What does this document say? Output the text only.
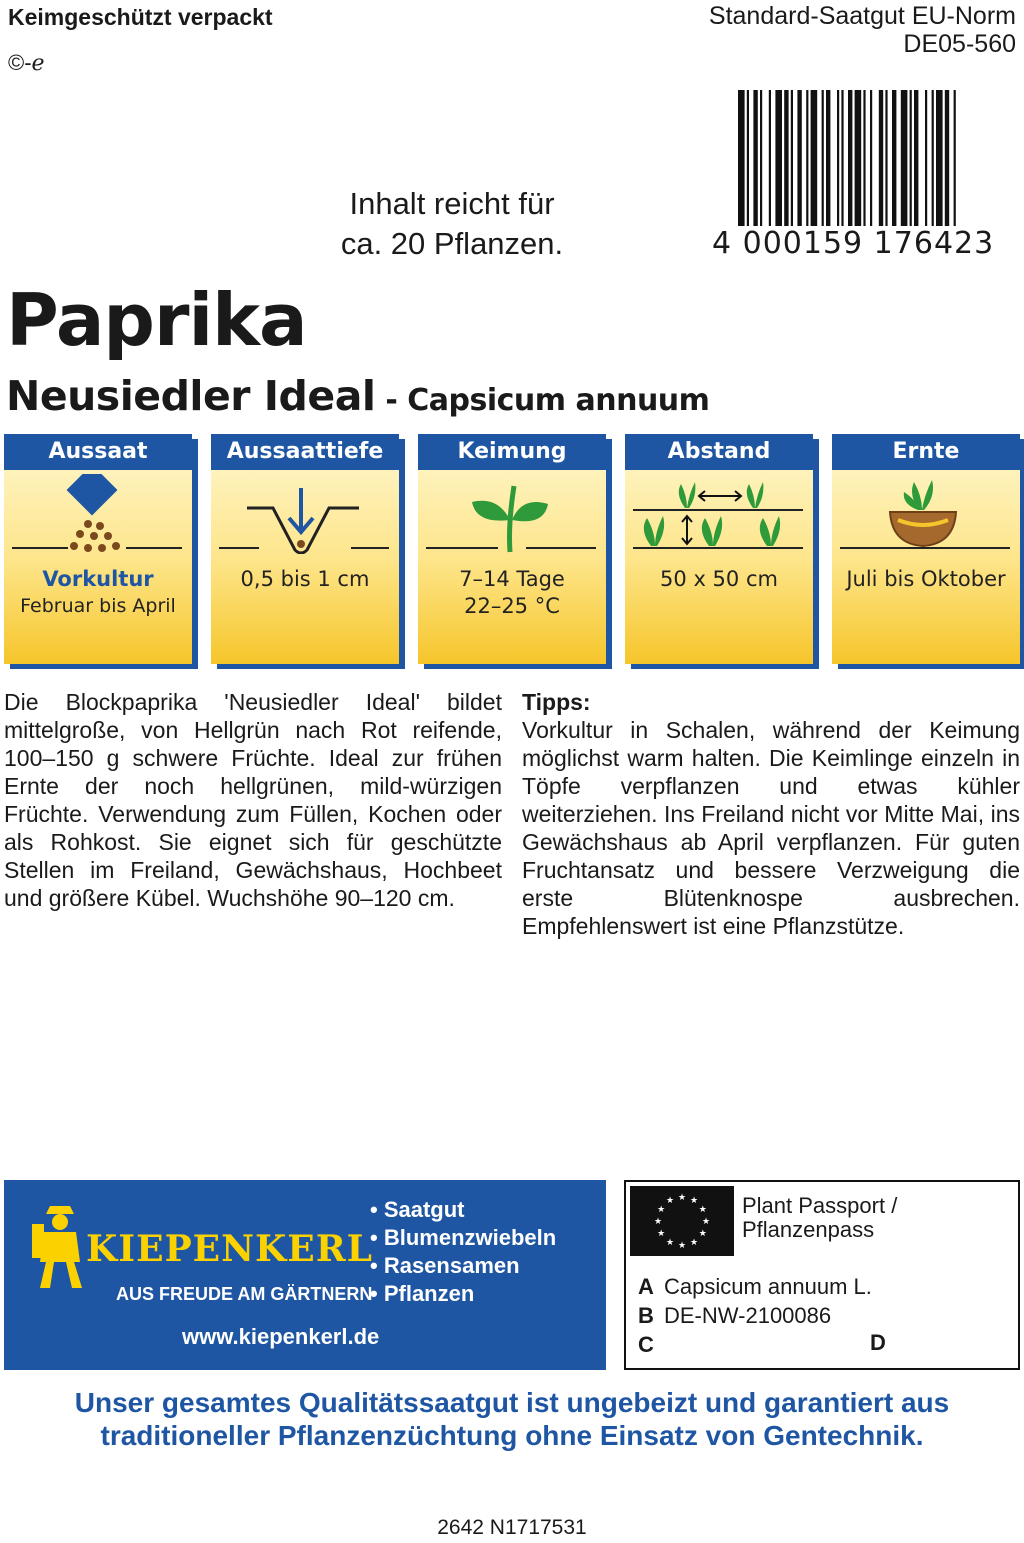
Keimgeschützt verpackt
©-ℯ
Standard-Saatgut EU-Norm
DE05-560
4 000159 176423
Inhalt reicht für
ca. 20 Pflanzen.
Paprika
Neusiedler Ideal - Capsicum annuum
Aussaat
Vorkultur
Februar bis April
Aussaattiefe
0,5 bis 1 cm
Keimung
7–14 Tage
22–25 °C
Abstand
50 x 50 cm
Ernte
Juli bis Oktober
Die Blockpaprika 'Neusiedler Ideal' bildet mittelgroße, von Hellgrün nach Rot reifende, 100–150 g schwere Früchte. Ideal zur frühen Ernte der noch hellgrünen, mild-würzigen Früchte. Verwendung zum Füllen, Kochen oder als Rohkost. Sie eignet sich für geschützte Stellen im Freiland, Gewächshaus, Hochbeet und größere Kübel. Wuchshöhe 90–120 cm.
Tipps:
Vorkultur in Schalen, während der Keimung möglichst warm halten. Die Keimlinge einzeln in Töpfe verpflanzen und etwas kühler weiterziehen. Ins Freiland nicht vor Mitte Mai, ins Gewächshaus ab April verpflanzen. Für guten Fruchtansatz und bessere Verzweigung die erste Blütenknospe ausbrechen. Empfehlenswert ist eine Pflanzstütze.
KIEPENKERL
AUS FREUDE AM GÄRTNERN
www.kiepenkerl.de
• Saatgut
• Blumenzwiebeln
• Rasensamen
• Pflanzen
★ ★
★
★
★
★
★
★
★
★
★
★	Plant Passport /
Pflanzenpass
A Capsicum annuum L.
B DE-NW-2100086
C	D
Unser gesamtes Qualitätssaatgut ist ungebeizt und garantiert aus
traditioneller Pflanzenzüchtung ohne Einsatz von Gentechnik.
2642 N1717531
